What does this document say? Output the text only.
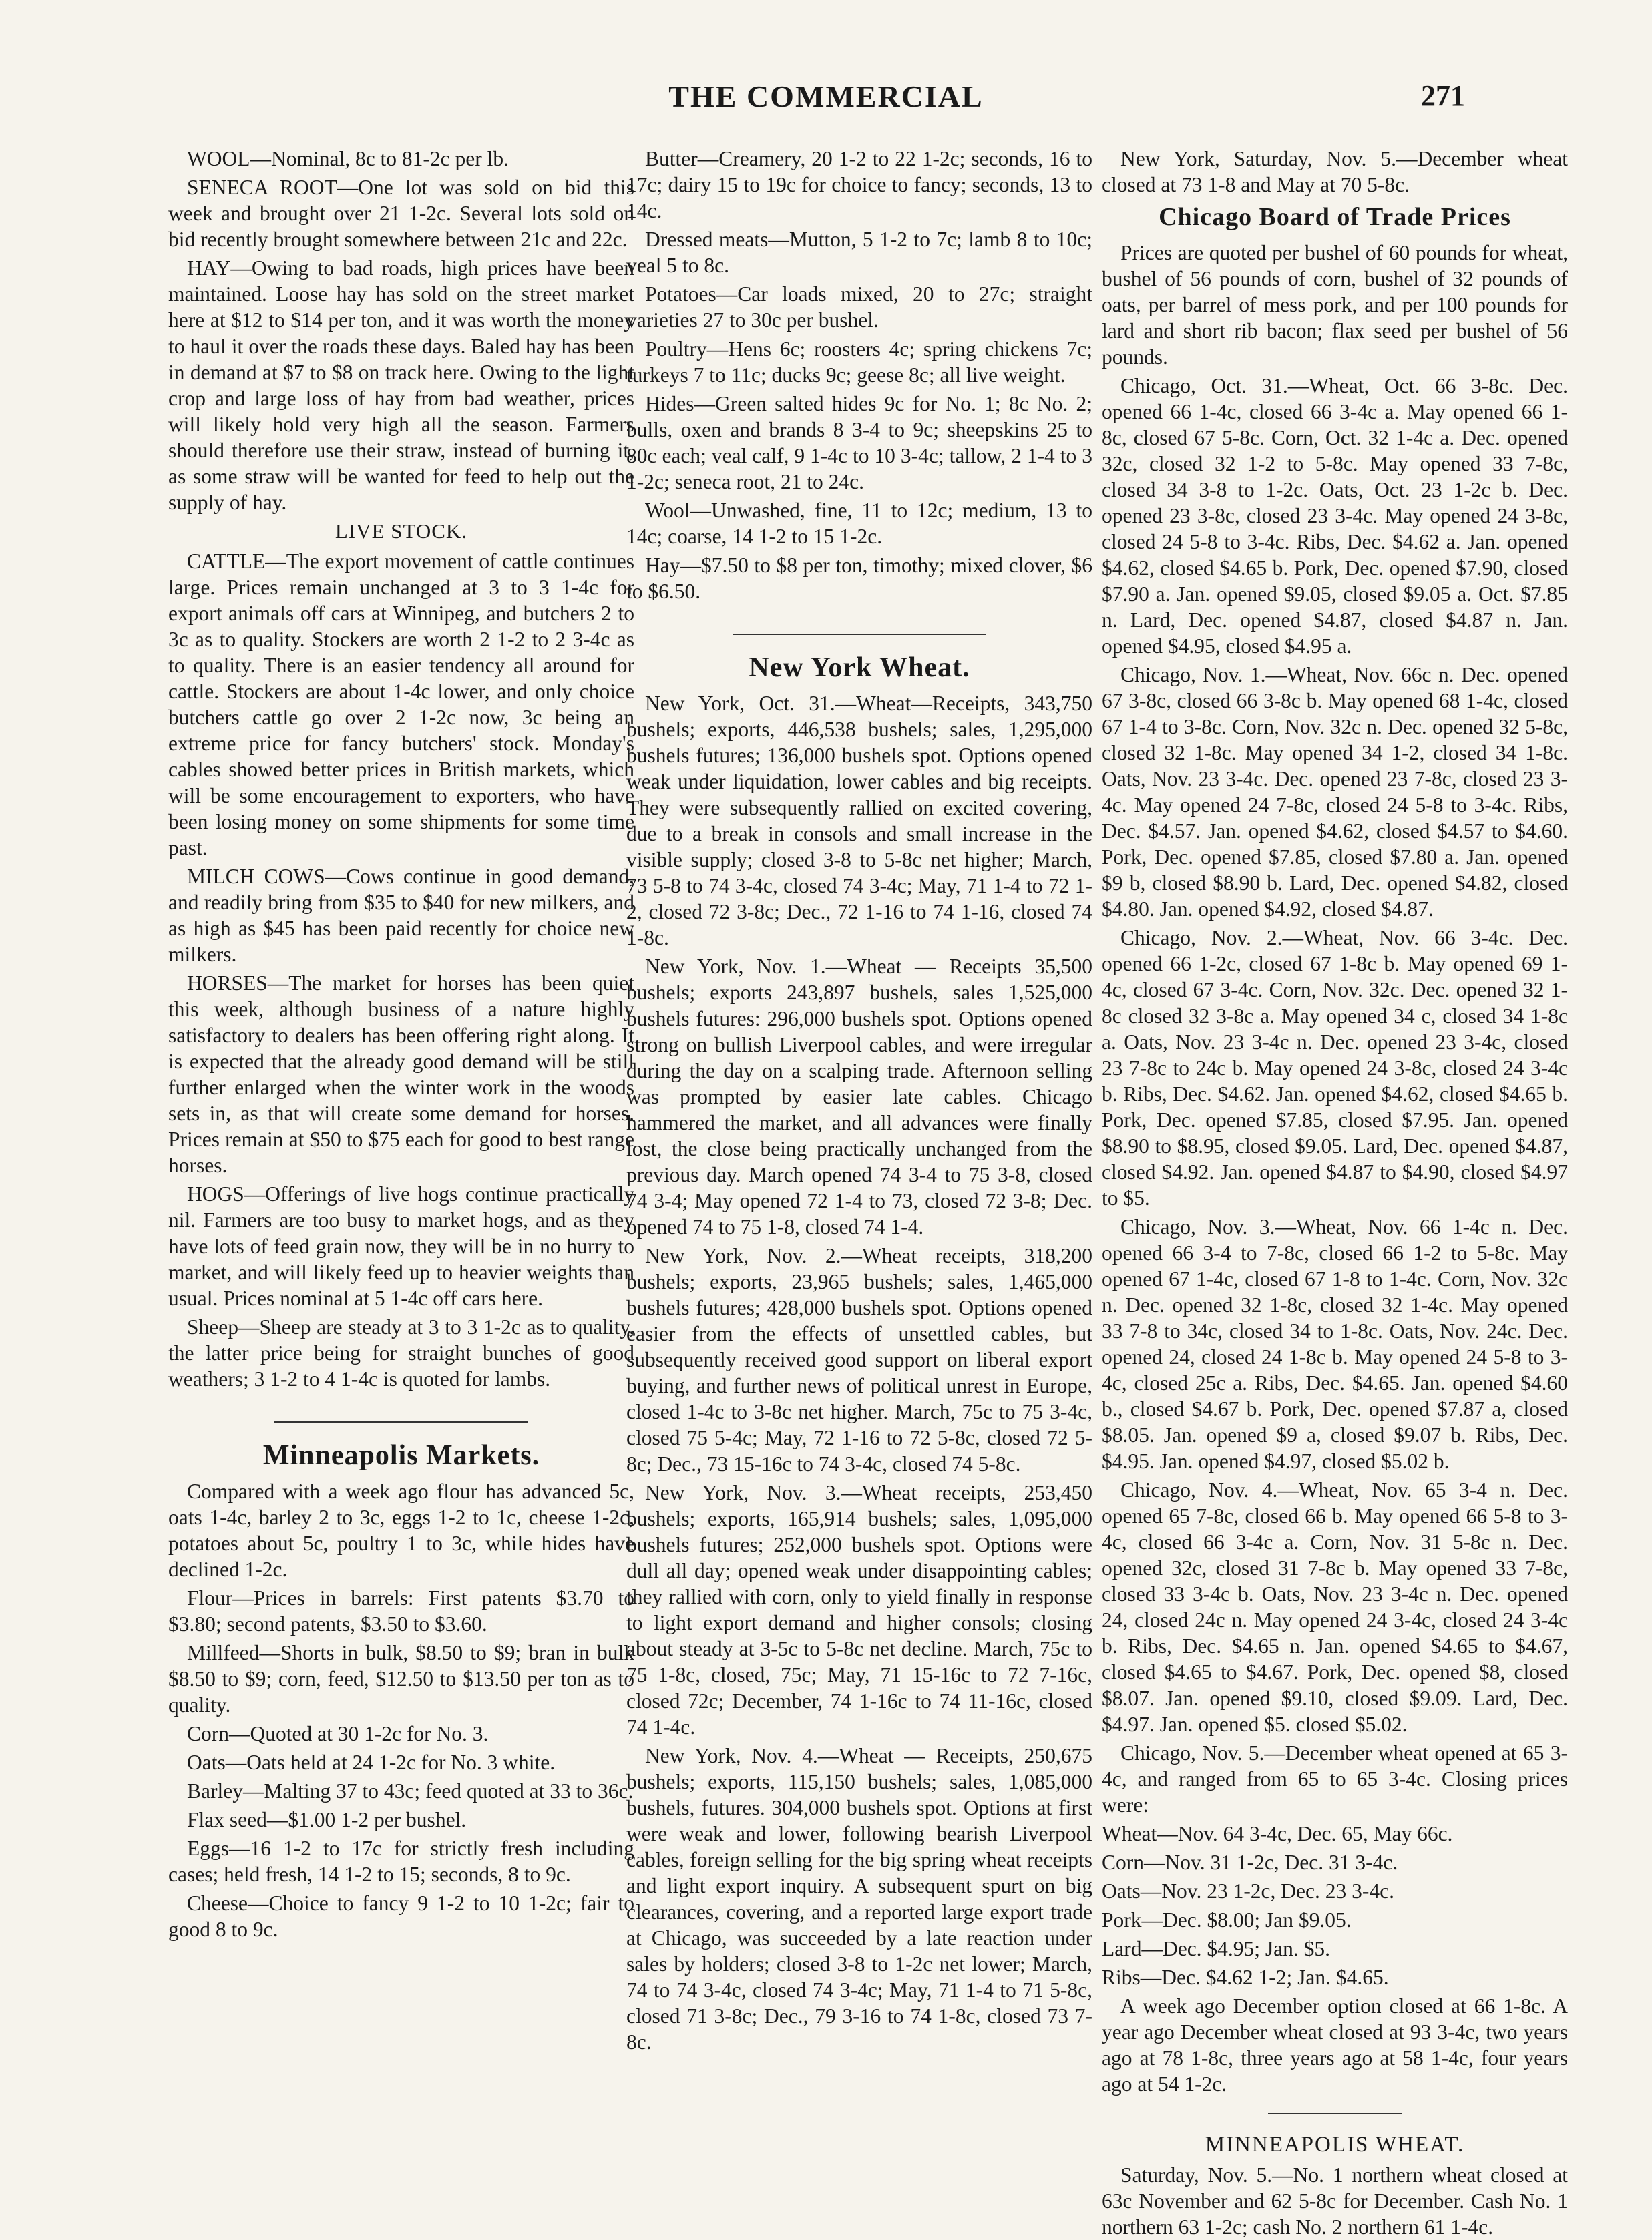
THE COMMERCIAL	271

WOOL—Nominal, 8c to 81-2c per lb.

SENECA ROOT—One lot was sold on bid this week and brought over 21 1-2c. Several lots sold on bid recently brought somewhere between 21c and 22c.

HAY—Owing to bad roads, high prices have been maintained. Loose hay has sold on the street market here at $12 to $14 per ton, and it was worth the money to haul it over the roads these days. Baled hay has been in demand at $7 to $8 on track here. Owing to the light crop and large loss of hay from bad weather, prices will likely hold very high all the season. Farmers should therefore use their straw, instead of burning it, as some straw will be wanted for feed to help out the supply of hay.

LIVE STOCK.

CATTLE—The export movement of cattle continues large. Prices remain unchanged at 3 to 3 1-4c for export animals off cars at Winnipeg, and butchers 2 to 3c as to quality. Stockers are worth 2 1-2 to 2 3-4c as to quality. There is an easier tendency all around for cattle. Stockers are about 1-4c lower, and only choice butchers cattle go over 2 1-2c now, 3c being an extreme price for fancy butchers' stock. Monday's cables showed better prices in British markets, which will be some encouragement to exporters, who have been losing money on some shipments for some time past.

MILCH COWS—Cows continue in good demand, and readily bring from $35 to $40 for new milkers, and as high as $45 has been paid recently for choice new milkers.

HORSES—The market for horses has been quiet this week, although business of a nature highly satisfactory to dealers has been offering right along. It is expected that the already good demand will be still further enlarged when the winter work in the woods sets in, as that will create some demand for horses. Prices remain at $50 to $75 each for good to best range horses.

HOGS—Offerings of live hogs continue practically nil. Farmers are too busy to market hogs, and as they have lots of feed grain now, they will be in no hurry to market, and will likely feed up to heavier weights than usual. Prices nominal at 5 1-4c off cars here.

Sheep—Sheep are steady at 3 to 3 1-2c as to quality, the latter price being for straight bunches of good weathers; 3 1-2 to 4 1-4c is quoted for lambs.

Minneapolis Markets.

Compared with a week ago flour has advanced 5c, oats 1-4c, barley 2 to 3c, eggs 1-2 to 1c, cheese 1-2c, potatoes about 5c, poultry 1 to 3c, while hides have declined 1-2c.

Flour—Prices in barrels: First patents $3.70 to $3.80; second patents, $3.50 to $3.60.

Millfeed—Shorts in bulk, $8.50 to $9; bran in bulk $8.50 to $9; corn, feed, $12.50 to $13.50 per ton as to quality.

Corn—Quoted at 30 1-2c for No. 3.

Oats—Oats held at 24 1-2c for No. 3 white.

Barley—Malting 37 to 43c; feed quoted at 33 to 36c.

Flax seed—$1.00 1-2 per bushel.

Eggs—16 1-2 to 17c for strictly fresh including cases; held fresh, 14 1-2 to 15; seconds, 8 to 9c.

Cheese—Choice to fancy 9 1-2 to 10 1-2c; fair to good 8 to 9c.

Butter—Creamery, 20 1-2 to 22 1-2c; seconds, 16 to 17c; dairy 15 to 19c for choice to fancy; seconds, 13 to 14c.

Dressed meats—Mutton, 5 1-2 to 7c; lamb 8 to 10c; veal 5 to 8c.

Potatoes—Car loads mixed, 20 to 27c; straight varieties 27 to 30c per bushel.

Poultry—Hens 6c; roosters 4c; spring chickens 7c; turkeys 7 to 11c; ducks 9c; geese 8c; all live weight.

Hides—Green salted hides 9c for No. 1; 8c No. 2; bulls, oxen and brands 8 3-4 to 9c; sheepskins 25 to 80c each; veal calf, 9 1-4c to 10 3-4c; tallow, 2 1-4 to 3 1-2c; seneca root, 21 to 24c.

Wool—Unwashed, fine, 11 to 12c; medium, 13 to 14c; coarse, 14 1-2 to 15 1-2c.

Hay—$7.50 to $8 per ton, timothy; mixed clover, $6 to $6.50.

New York Wheat.

New York, Oct. 31.—Wheat—Receipts, 343,750 bushels; exports, 446,538 bushels; sales, 1,295,000 bushels futures; 136,000 bushels spot. Options opened weak under liquidation, lower cables and big receipts. They were subsequently rallied on excited covering, due to a break in consols and small increase in the visible supply; closed 3-8 to 5-8c net higher; March, 73 5-8 to 74 3-4c, closed 74 3-4c; May, 71 1-4 to 72 1-2, closed 72 3-8c; Dec., 72 1-16 to 74 1-16, closed 74 1-8c.

New York, Nov. 1.—Wheat — Receipts 35,500 bushels; exports 243,897 bushels, sales 1,525,000 bushels futures: 296,000 bushels spot. Options opened strong on bullish Liverpool cables, and were irregular during the day on a scalping trade. Afternoon selling was prompted by easier late cables. Chicago hammered the market, and all advances were finally lost, the close being practically unchanged from the previous day. March opened 74 3-4 to 75 3-8, closed 74 3-4; May opened 72 1-4 to 73, closed 72 3-8; Dec. opened 74 to 75 1-8, closed 74 1-4.

New York, Nov. 2.—Wheat receipts, 318,200 bushels; exports, 23,965 bushels; sales, 1,465,000 bushels futures; 428,000 bushels spot. Options opened easier from the effects of unsettled cables, but subsequently received good support on liberal export buying, and further news of political unrest in Europe, closed 1-4c to 3-8c net higher. March, 75c to 75 3-4c, closed 75 5-4c; May, 72 1-16 to 72 5-8c, closed 72 5-8c; Dec., 73 15-16c to 74 3-4c, closed 74 5-8c.

New York, Nov. 3.—Wheat receipts, 253,450 bushels; exports, 165,914 bushels; sales, 1,095,000 bushels futures; 252,000 bushels spot. Options were dull all day; opened weak under disappointing cables; they rallied with corn, only to yield finally in response to light export demand and higher consols; closing about steady at 3-5c to 5-8c net decline. March, 75c to 75 1-8c, closed, 75c; May, 71 15-16c to 72 7-16c, closed 72c; December, 74 1-16c to 74 11-16c, closed 74 1-4c.

New York, Nov. 4.—Wheat — Receipts, 250,675 bushels; exports, 115,150 bushels; sales, 1,085,000 bushels, futures. 304,000 bushels spot. Options at first were weak and lower, following bearish Liverpool cables, foreign selling for the big spring wheat receipts and light export inquiry. A subsequent spurt on big clearances, covering, and a reported large export trade at Chicago, was succeeded by a late reaction under sales by holders; closed 3-8 to 1-2c net lower; March, 74 to 74 3-4c, closed 74 3-4c; May, 71 1-4 to 71 5-8c, closed 71 3-8c; Dec., 79 3-16 to 74 1-8c, closed 73 7-8c.

New York, Saturday, Nov. 5.—December wheat closed at 73 1-8 and May at 70 5-8c.

Chicago Board of Trade Prices

Prices are quoted per bushel of 60 pounds for wheat, bushel of 56 pounds of corn, bushel of 32 pounds of oats, per barrel of mess pork, and per 100 pounds for lard and short rib bacon; flax seed per bushel of 56 pounds.

Chicago, Oct. 31.—Wheat, Oct. 66 3-8c. Dec. opened 66 1-4c, closed 66 3-4c a. May opened 66 1-8c, closed 67 5-8c. Corn, Oct. 32 1-4c a. Dec. opened 32c, closed 32 1-2 to 5-8c. May opened 33 7-8c, closed 34 3-8 to 1-2c. Oats, Oct. 23 1-2c b. Dec. opened 23 3-8c, closed 23 3-4c. May opened 24 3-8c, closed 24 5-8 to 3-4c. Ribs, Dec. $4.62 a. Jan. opened $4.62, closed $4.65 b. Pork, Dec. opened $7.90, closed $7.90 a. Jan. opened $9.05, closed $9.05 a. Oct. $7.85 n. Lard, Dec. opened $4.87, closed $4.87 n. Jan. opened $4.95, closed $4.95 a.

Chicago, Nov. 1.—Wheat, Nov. 66c n. Dec. opened 67 3-8c, closed 66 3-8c b. May opened 68 1-4c, closed 67 1-4 to 3-8c. Corn, Nov. 32c n. Dec. opened 32 5-8c, closed 32 1-8c. May opened 34 1-2, closed 34 1-8c. Oats, Nov. 23 3-4c. Dec. opened 23 7-8c, closed 23 3-4c. May opened 24 7-8c, closed 24 5-8 to 3-4c. Ribs, Dec. $4.57. Jan. opened $4.62, closed $4.57 to $4.60. Pork, Dec. opened $7.85, closed $7.80 a. Jan. opened $9 b, closed $8.90 b. Lard, Dec. opened $4.82, closed $4.80. Jan. opened $4.92, closed $4.87.

Chicago, Nov. 2.—Wheat, Nov. 66 3-4c. Dec. opened 66 1-2c, closed 67 1-8c b. May opened 69 1-4c, closed 67 3-4c. Corn, Nov. 32c. Dec. opened 32 1-8c closed 32 3-8c a. May opened 34 c, closed 34 1-8c a. Oats, Nov. 23 3-4c n. Dec. opened 23 3-4c, closed 23 7-8c to 24c b. May opened 24 3-8c, closed 24 3-4c b. Ribs, Dec. $4.62. Jan. opened $4.62, closed $4.65 b. Pork, Dec. opened $7.85, closed $7.95. Jan. opened $8.90 to $8.95, closed $9.05. Lard, Dec. opened $4.87, closed $4.92. Jan. opened $4.87 to $4.90, closed $4.97 to $5.

Chicago, Nov. 3.—Wheat, Nov. 66 1-4c n. Dec. opened 66 3-4 to 7-8c, closed 66 1-2 to 5-8c. May opened 67 1-4c, closed 67 1-8 to 1-4c. Corn, Nov. 32c n. Dec. opened 32 1-8c, closed 32 1-4c. May opened 33 7-8 to 34c, closed 34 to 1-8c. Oats, Nov. 24c. Dec. opened 24, closed 24 1-8c b. May opened 24 5-8 to 3-4c, closed 25c a. Ribs, Dec. $4.65. Jan. opened $4.60 b., closed $4.67 b. Pork, Dec. opened $7.87 a, closed $8.05. Jan. opened $9 a, closed $9.07 b. Ribs, Dec. $4.95. Jan. opened $4.97, closed $5.02 b.

Chicago, Nov. 4.—Wheat, Nov. 65 3-4 n. Dec. opened 65 7-8c, closed 66 b. May opened 66 5-8 to 3-4c, closed 66 3-4c a. Corn, Nov. 31 5-8c n. Dec. opened 32c, closed 31 7-8c b. May opened 33 7-8c, closed 33 3-4c b. Oats, Nov. 23 3-4c n. Dec. opened 24, closed 24c n. May opened 24 3-4c, closed 24 3-4c b. Ribs, Dec. $4.65 n. Jan. opened $4.65 to $4.67, closed $4.65 to $4.67. Pork, Dec. opened $8, closed $8.07. Jan. opened $9.10, closed $9.09. Lard, Dec. $4.97. Jan. opened $5. closed $5.02.

Chicago, Nov. 5.—December wheat opened at 65 3-4c, and ranged from 65 to 65 3-4c. Closing prices were:

Wheat—Nov. 64 3-4c, Dec. 65, May 66c.

Corn—Nov. 31 1-2c, Dec. 31 3-4c.

Oats—Nov. 23 1-2c, Dec. 23 3-4c.

Pork—Dec. $8.00; Jan $9.05.

Lard—Dec. $4.95; Jan. $5.

Ribs—Dec. $4.62 1-2; Jan. $4.65.

A week ago December option closed at 66 1-8c. A year ago December wheat closed at 93 3-4c, two years ago at 78 1-8c, three years ago at 58 1-4c, four years ago at 54 1-2c.

MINNEAPOLIS WHEAT.

Saturday, Nov. 5.—No. 1 northern wheat closed at 63c November and 62 5-8c for December. Cash No. 1 northern 63 1-2c; cash No. 2 northern 61 1-4c.
